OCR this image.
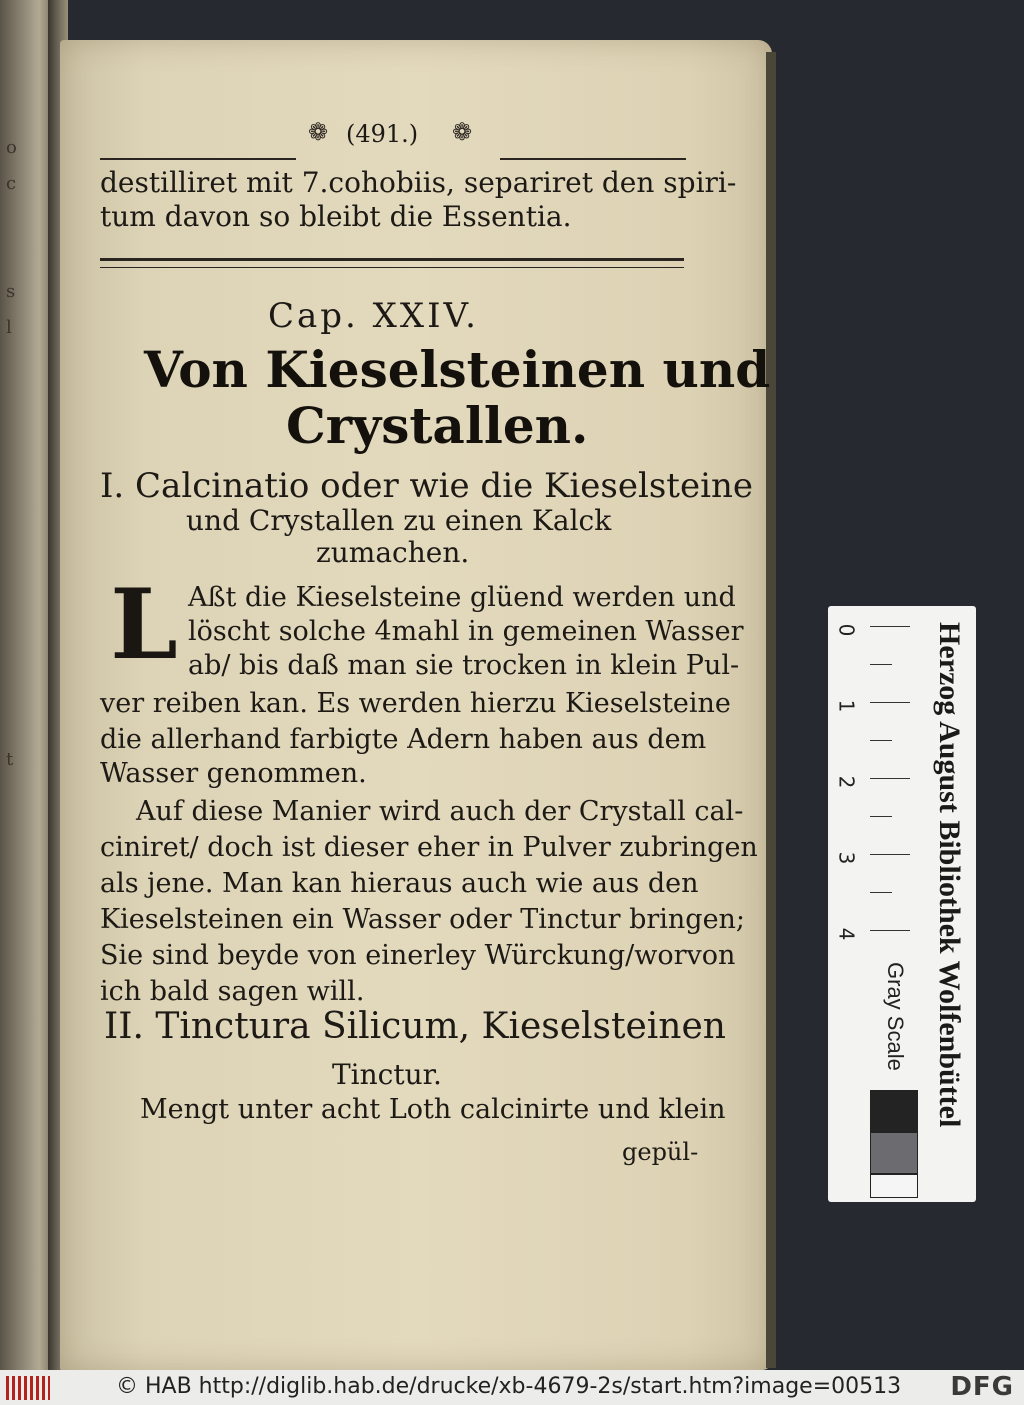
o
c

s
l

t
❁ (491.) ❁
destilliret mit 7.cohobiis, separiret den spiri-
tum davon so bleibt die Essentia.
Cap. XXIV.
Von Kieselsteinen und
Crystallen.
I. Calcinatio oder wie die Kieselsteine
und Crystallen zu einen Kalck
zumachen.
L Aßt die Kieselsteine glüend werden und
löscht solche 4mahl in gemeinen Wasser
ab/ bis daß man sie trocken in klein Pul-
ver reiben kan. Es werden hierzu Kieselsteine
die allerhand farbigte Adern haben aus dem
Wasser genommen.
Auf diese Manier wird auch der Crystall cal-
ciniret/ doch ist dieser eher in Pulver zubringen
als jene. Man kan hieraus auch wie aus den
Kieselsteinen ein Wasser oder Tinctur bringen;
Sie sind beyde von einerley Würckung/worvon
ich bald sagen will.
II. Tinctura Silicum, Kieselsteinen
Tinctur.
Mengt unter acht Loth calcinirte und klein
gepül-
0
1
2
3
4 Herzog August Bibliothek Wolfenbüttel
Gray Scale
© HAB http://diglib.hab.de/drucke/xb-4679-2s/start.htm?image=00513 DFG
